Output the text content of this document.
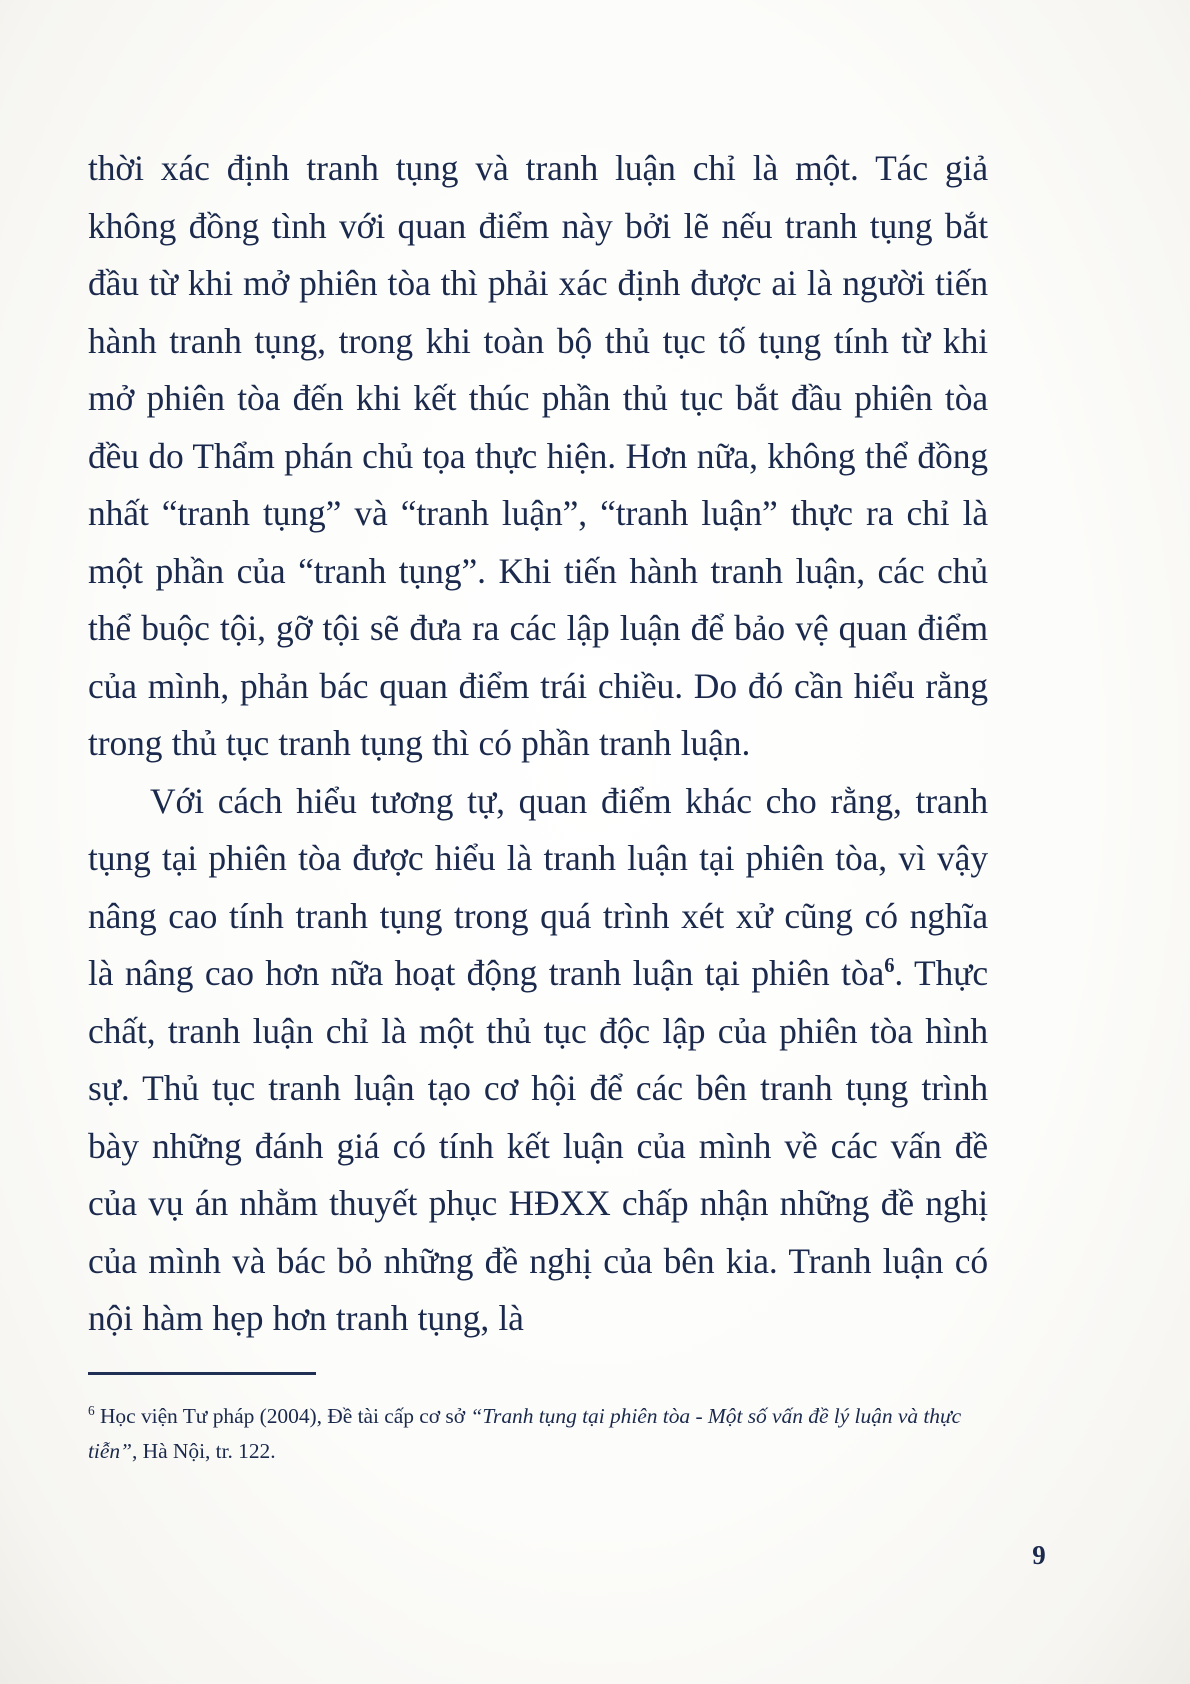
thời xác định tranh tụng và tranh luận chỉ là một. Tác giả không đồng tình với quan điểm này bởi lẽ nếu tranh tụng bắt đầu từ khi mở phiên tòa thì phải xác định được ai là người tiến hành tranh tụng, trong khi toàn bộ thủ tục tố tụng tính từ khi mở phiên tòa đến khi kết thúc phần thủ tục bắt đầu phiên tòa đều do Thẩm phán chủ tọa thực hiện. Hơn nữa, không thể đồng nhất “tranh tụng” và “tranh luận”, “tranh luận” thực ra chỉ là một phần của “tranh tụng”. Khi tiến hành tranh luận, các chủ thể buộc tội, gỡ tội sẽ đưa ra các lập luận để bảo vệ quan điểm của mình, phản bác quan điểm trái chiều. Do đó cần hiểu rằng trong thủ tục tranh tụng thì có phần tranh luận.

Với cách hiểu tương tự, quan điểm khác cho rằng, tranh tụng tại phiên tòa được hiểu là tranh luận tại phiên tòa, vì vậy nâng cao tính tranh tụng trong quá trình xét xử cũng có nghĩa là nâng cao hơn nữa hoạt động tranh luận tại phiên tòa$^6$. Thực chất, tranh luận chỉ là một thủ tục độc lập của phiên tòa hình sự. Thủ tục tranh luận tạo cơ hội để các bên tranh tụng trình bày những đánh giá có tính kết luận của mình về các vấn đề của vụ án nhằm thuyết phục HĐXX chấp nhận những đề nghị của mình và bác bỏ những đề nghị của bên kia. Tranh luận có nội hàm hẹp hơn tranh tụng, là

$^6$ Học viện Tư pháp (2004), Đề tài cấp cơ sở “Tranh tụng tại phiên tòa - Một số vấn đề lý luận và thực tiễn”, Hà Nội, tr. 122.
9
